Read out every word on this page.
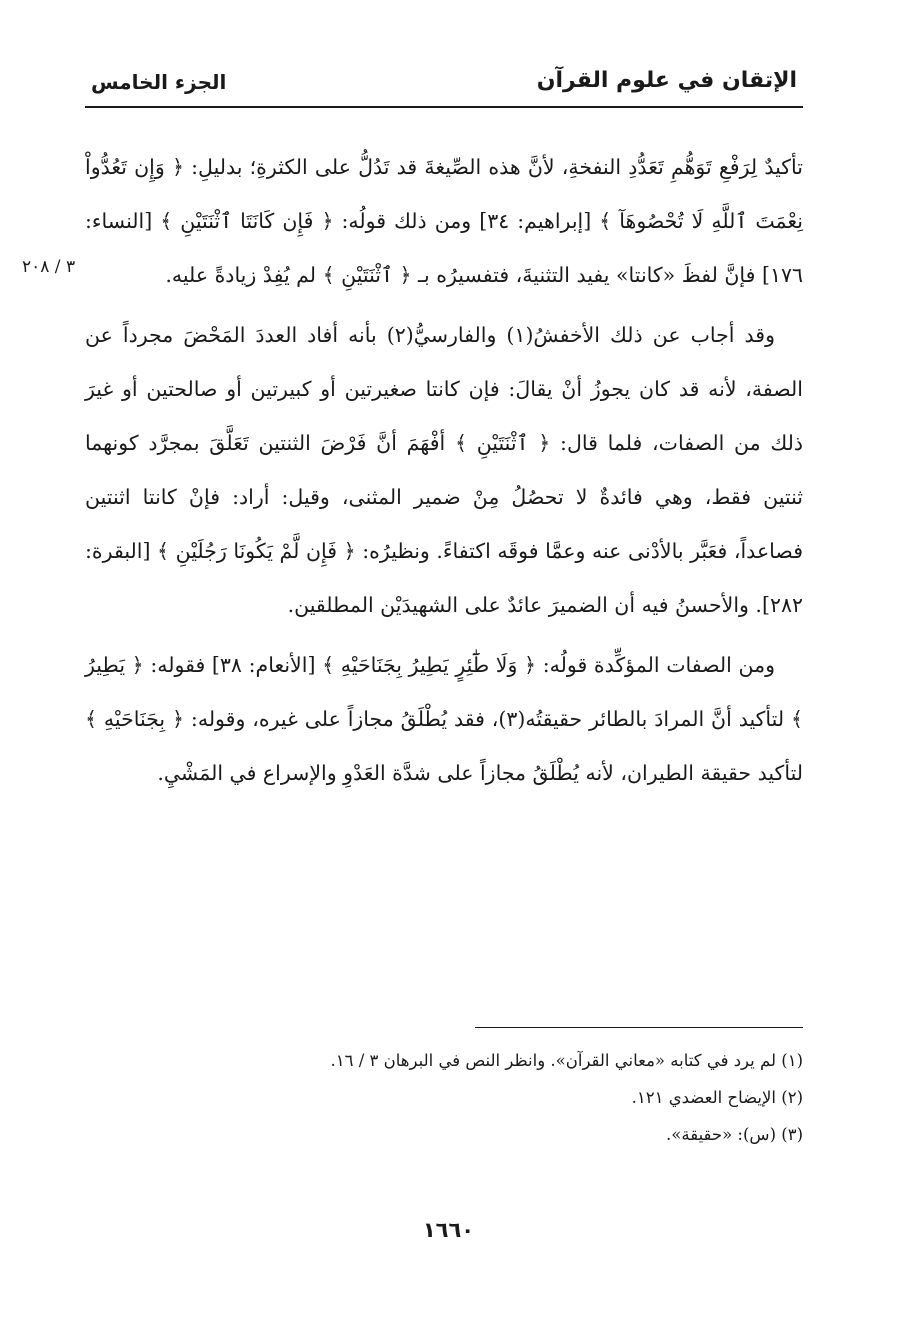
الإتقان في علوم القرآن
الجزء الخامس
٣ / ٢٠٨

تأكيدٌ لِرَفْعِ تَوَهُّمِ تَعَدُّدِ النفخةِ، لأنَّ هذه الصِّيغةَ قد تَدُلُّ على الكثرةِ؛ بدليلِ: ﴿ وَإِن تَعُدُّواْ نِعْمَتَ ٱللَّهِ لَا تُحْصُوهَآ ﴾ [إبراهيم: ٣٤] ومن ذلك قولُه: ﴿ فَإِن كَانَتَا ٱثْنَتَيْنِ ﴾ [النساء: ١٧٦] فإنَّ لفظَ «كانتا» يفيد التثنيةَ، فتفسيرُه بـ ﴿ ٱثْنَتَيْنِ ﴾ لم يُفِدْ زيادةً عليه.

وقد أجاب عن ذلك الأخفشُ(١) والفارسيُّ(٢) بأنه أفاد العددَ المَحْضَ مجرداً عن الصفة، لأنه قد كان يجوزُ أنْ يقالَ: فإن كانتا صغيرتين أو كبيرتين أو صالحتين أو غيرَ ذلك من الصفات، فلما قال: ﴿ ٱثْنَتَيْنِ ﴾ أفْهَمَ أنَّ فَرْضَ الثنتين تَعَلَّقَ بمجرَّد كونهما ثنتين فقط، وهي فائدةٌ لا تحصُلُ مِنْ ضمير المثنى، وقيل: أراد: فإنْ كانتا اثنتين فصاعداً، فعَبَّر بالأدْنى عنه وعمَّا فوقَه اكتفاءً. ونظيرُه: ﴿ فَإِن لَّمْ يَكُونَا رَجُلَيْنِ ﴾ [البقرة: ٢٨٢]. والأحسنُ فيه أن الضميرَ عائدٌ على الشهيدَيْن المطلقين.

ومن الصفات المؤكِّدة قولُه: ﴿ وَلَا طَٰٓئِرٍ يَطِيرُ بِجَنَاحَيْهِ ﴾ [الأنعام: ٣٨] فقوله: ﴿ يَطِيرُ ﴾ لتأكيد أنَّ المرادَ بالطائر حقيقتُه(٣)، فقد يُطْلَقُ مجازاً على غيره، وقوله: ﴿ بِجَنَاحَيْهِ ﴾ لتأكيد حقيقة الطيران، لأنه يُطْلَقُ مجازاً على شدَّة العَدْوِ والإسراع في المَشْيِ.

(١) لم يرد في كتابه «معاني القرآن». وانظر النص في البرهان ٣ / ١٦.
(٢) الإيضاح العضدي ١٢١.
(٣) (س): «حقيقة».
١٦٦٠
